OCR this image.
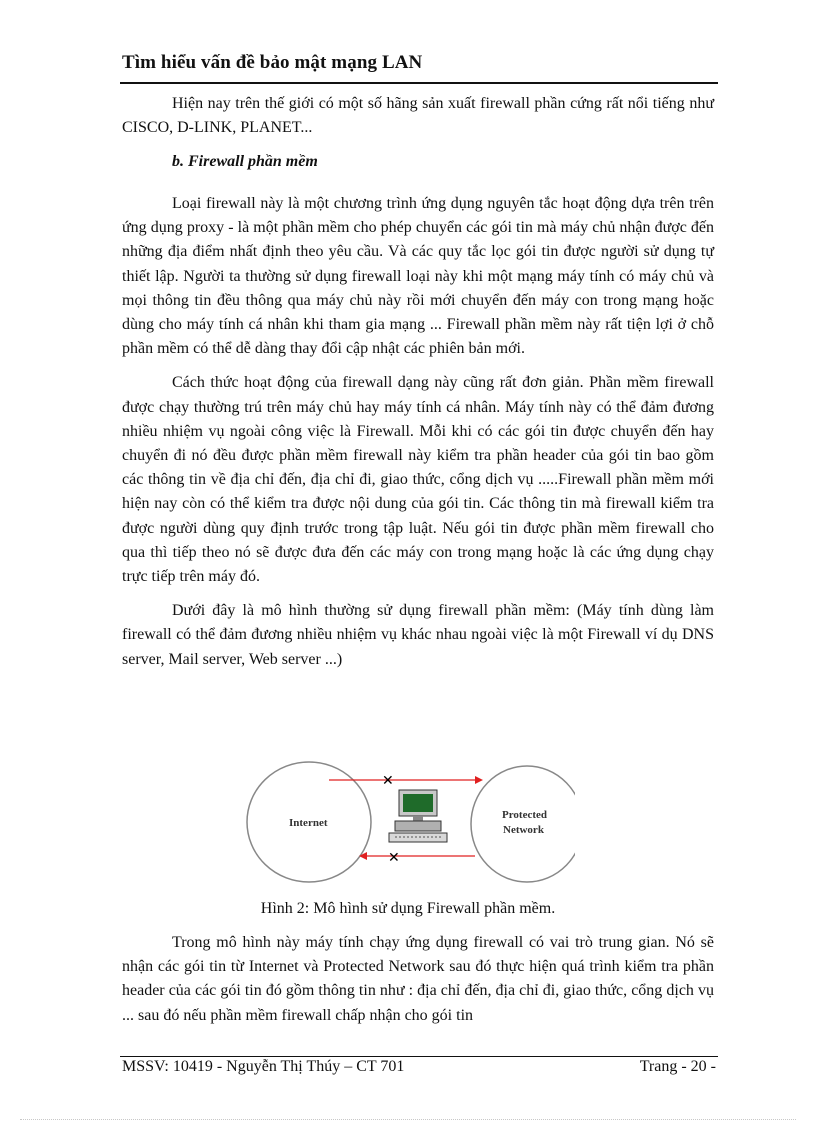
Tìm hiểu vấn đề bảo mật mạng LAN

Hiện nay trên thế giới có một số hãng sản xuất firewall phần cứng rất nổi tiếng như CISCO, D-LINK, PLANET...

b. Firewall phần mềm

Loại firewall này là một chương trình ứng dụng nguyên tắc hoạt động dựa trên trên ứng dụng proxy - là một phần mềm cho phép chuyển các gói tin mà máy chủ nhận được đến những địa điểm nhất định theo yêu cầu. Và các quy tắc lọc gói tin được người sử dụng tự thiết lập. Người ta thường sử dụng firewall loại này khi một mạng máy tính có máy chủ và mọi thông tin đều thông qua máy chủ này rồi mới chuyển đến máy con trong mạng hoặc dùng cho máy tính cá nhân khi tham gia mạng ... Firewall phần mềm này rất tiện lợi ở chỗ phần mềm có thể dễ dàng thay đổi cập nhật các phiên bản mới.

Cách thức hoạt động của firewall dạng này cũng rất đơn giản. Phần mềm firewall được chạy thường trú trên máy chủ hay máy tính cá nhân. Máy tính này có thể đảm đương nhiều nhiệm vụ ngoài công việc là Firewall. Mỗi khi có các gói tin được chuyển đến hay chuyển đi nó đều được phần mềm firewall này kiểm tra phần header của gói tin bao gồm các thông tin về địa chỉ đến, địa chỉ đi, giao thức, cổng dịch vụ .....Firewall phần mềm mới hiện nay còn có thể kiểm tra được nội dung của gói tin. Các thông tin mà firewall kiểm tra được người dùng quy định trước trong tập luật. Nếu gói tin được phần mềm firewall cho qua thì tiếp theo nó sẽ được đưa đến các máy con trong mạng hoặc là các ứng dụng chạy trực tiếp trên máy đó.

Dưới đây là mô hình thường sử dụng firewall phần mềm: (Máy tính dùng làm firewall có thể đảm đương nhiều nhiệm vụ khác nhau ngoài việc là một Firewall ví dụ DNS server, Mail server, Web server ...)

Internet
Protected
Network
✕
✕
Hình 2: Mô hình sử dụng Firewall phần mềm.

Trong mô hình này máy tính chạy ứng dụng firewall có vai trò trung gian. Nó sẽ nhận các gói tin từ Internet và Protected Network sau đó thực hiện quá trình kiểm tra phần header của các gói tin đó gồm thông tin như : địa chỉ đến, địa chỉ đi, giao thức, cổng dịch vụ ... sau đó nếu phần mềm firewall chấp nhận cho gói tin

MSSV: 10419 - Nguyễn Thị Thúy – CT 701	Trang - 20 -
